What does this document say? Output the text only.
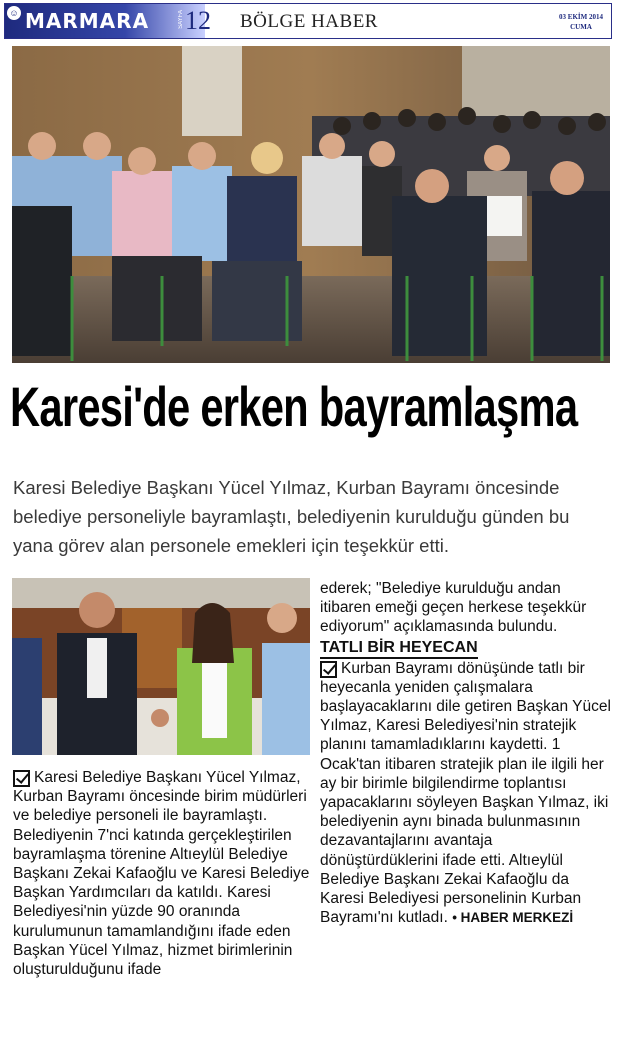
☺ MARMARA	SAYFA 12	BÖLGE HABER	03 EKİM 2014
CUMA
Karesi'de erken bayramlaşma
Karesi Belediye Başkanı Yücel Yılmaz, Kurban Bayramı öncesinde belediye personeliyle bayramlaştı, belediyenin kurulduğu günden bu yana görev alan personele emekleri için teşekkür etti.
Karesi Belediye Başkanı Yücel Yılmaz, Kurban Bayramı öncesinde birim müdürleri ve belediye personeli ile bayramlaştı. Belediyenin 7'nci katında gerçekleştirilen bayramlaşma törenine Altıeylül Belediye Başkanı Zekai Kafaoğlu ve Karesi Belediye Başkan Yardımcıları da katıldı. Karesi Belediyesi'nin yüzde 90 oranında kurulumunun tamamlandığını ifade eden Başkan Yücel Yılmaz, hizmet birimlerinin oluşturulduğunu ifade

ederek; "Belediye kurulduğu andan itibaren emeği geçen herkese teşekkür ediyorum" açıklamasında bulundu.

TATLI BİR HEYECAN

Kurban Bayramı dönüşünde tatlı bir heyecanla yeniden çalışmalara başlayacaklarını dile getiren Başkan Yücel Yılmaz, Karesi Belediyesi'nin stratejik planını tamamladıklarını kaydetti. 1 Ocak'tan itibaren stratejik plan ile ilgili her ay bir birimle bilgilendirme toplantısı yapacaklarını söyleyen Başkan Yılmaz, iki belediyenin aynı binada bulunmasının dezavantajlarını avantaja dönüştürdüklerini ifade etti. Altıeylül Belediye Başkanı Zekai Kafaoğlu da Karesi Belediyesi personelinin Kurban Bayramı'nı kutladı. • HABER MERKEZİ
